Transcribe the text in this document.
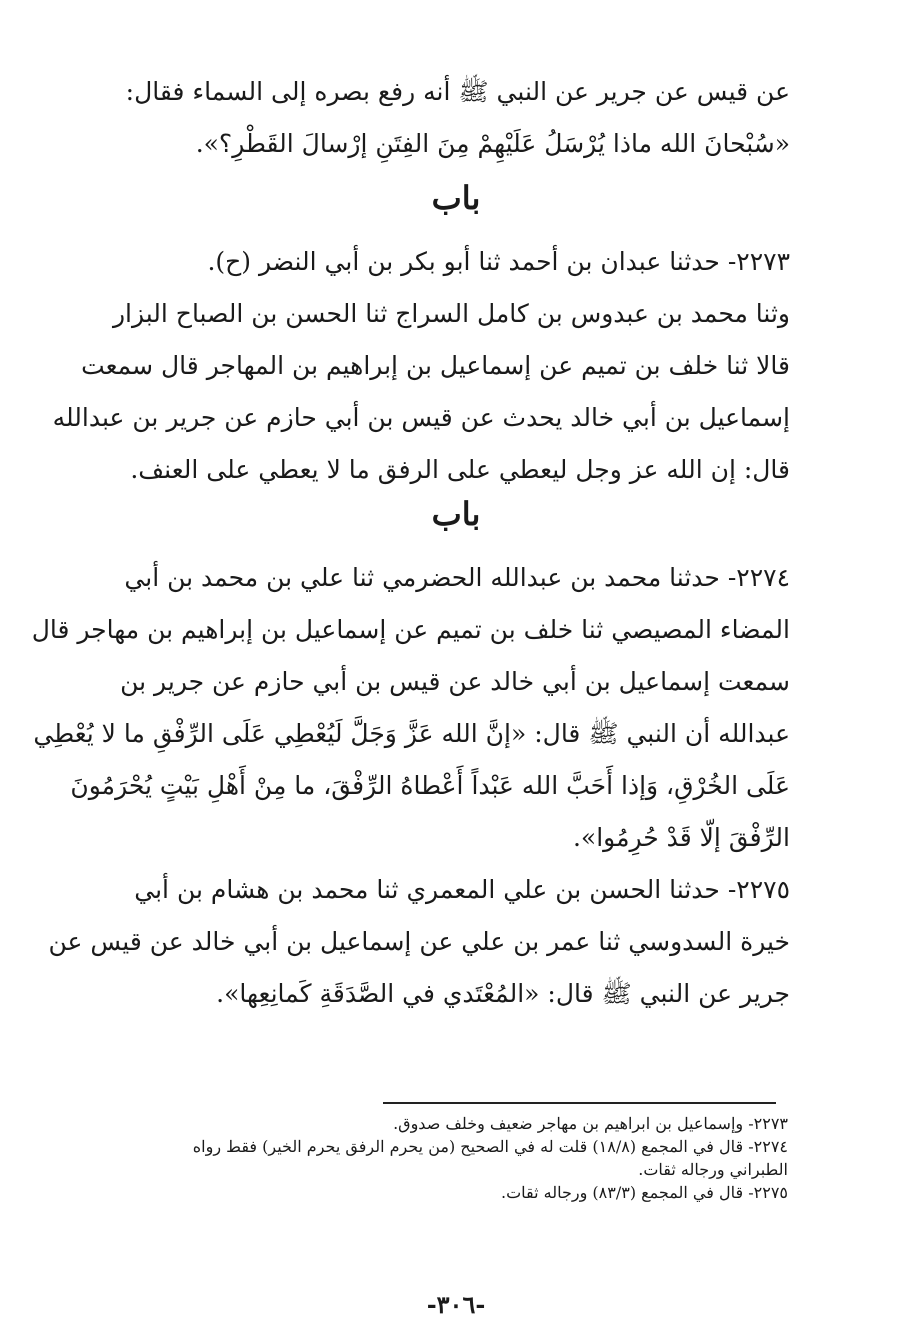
عن قيس عن جرير عن النبي ﷺ أنه رفع بصره إلى السماء فقال:
«سُبْحانَ الله ماذا يُرْسَلُ عَلَيْهِمْ مِنَ الفِتَنِ إرْسالَ القَطْرِ؟».
باب
٢٢٧٣- حدثنا عبدان بن أحمد ثنا أبو بكر بن أبي النضر (ح).
وثنا محمد بن عبدوس بن كامل السراج ثنا الحسن بن الصباح البزار
قالا ثنا خلف بن تميم عن إسماعيل بن إبراهيم بن المهاجر قال سمعت
إسماعيل بن أبي خالد يحدث عن قيس بن أبي حازم عن جرير بن عبدالله
قال: إن الله عز وجل ليعطي على الرفق ما لا يعطي على العنف.
باب
٢٢٧٤- حدثنا محمد بن عبدالله الحضرمي ثنا علي بن محمد بن أبي
المضاء المصيصي ثنا خلف بن تميم عن إسماعيل بن إبراهيم بن مهاجر قال
سمعت إسماعيل بن أبي خالد عن قيس بن أبي حازم عن جرير بن
عبدالله أن النبي ﷺ قال: «إنَّ الله عَزَّ وَجَلَّ لَيُعْطِي عَلَى الرِّفْقِ ما لا يُعْطِي
عَلَى الخُرْقِ، وَإذا أَحَبَّ الله عَبْداً أَعْطاهُ الرِّفْقَ، ما مِنْ أَهْلِ بَيْتٍ يُحْرَمُونَ
الرِّفْقَ إلّا قَدْ حُرِمُوا».
٢٢٧٥- حدثنا الحسن بن علي المعمري ثنا محمد بن هشام بن أبي
خيرة السدوسي ثنا عمر بن علي عن إسماعيل بن أبي خالد عن قيس عن
جرير عن النبي ﷺ قال: «المُعْتَدي في الصَّدَقَةِ كَمانِعِها».
٢٢٧٣- وإسماعيل بن ابراهيم بن مهاجر ضعيف وخلف صدوق.
٢٢٧٤- قال في المجمع (١٨/٨) قلت له في الصحيح (من يحرم الرفق يحرم الخير) فقط رواه
الطبراني ورجاله ثقات.
٢٢٧٥- قال في المجمع (٨٣/٣) ورجاله ثقات.
-٣٠٦-
